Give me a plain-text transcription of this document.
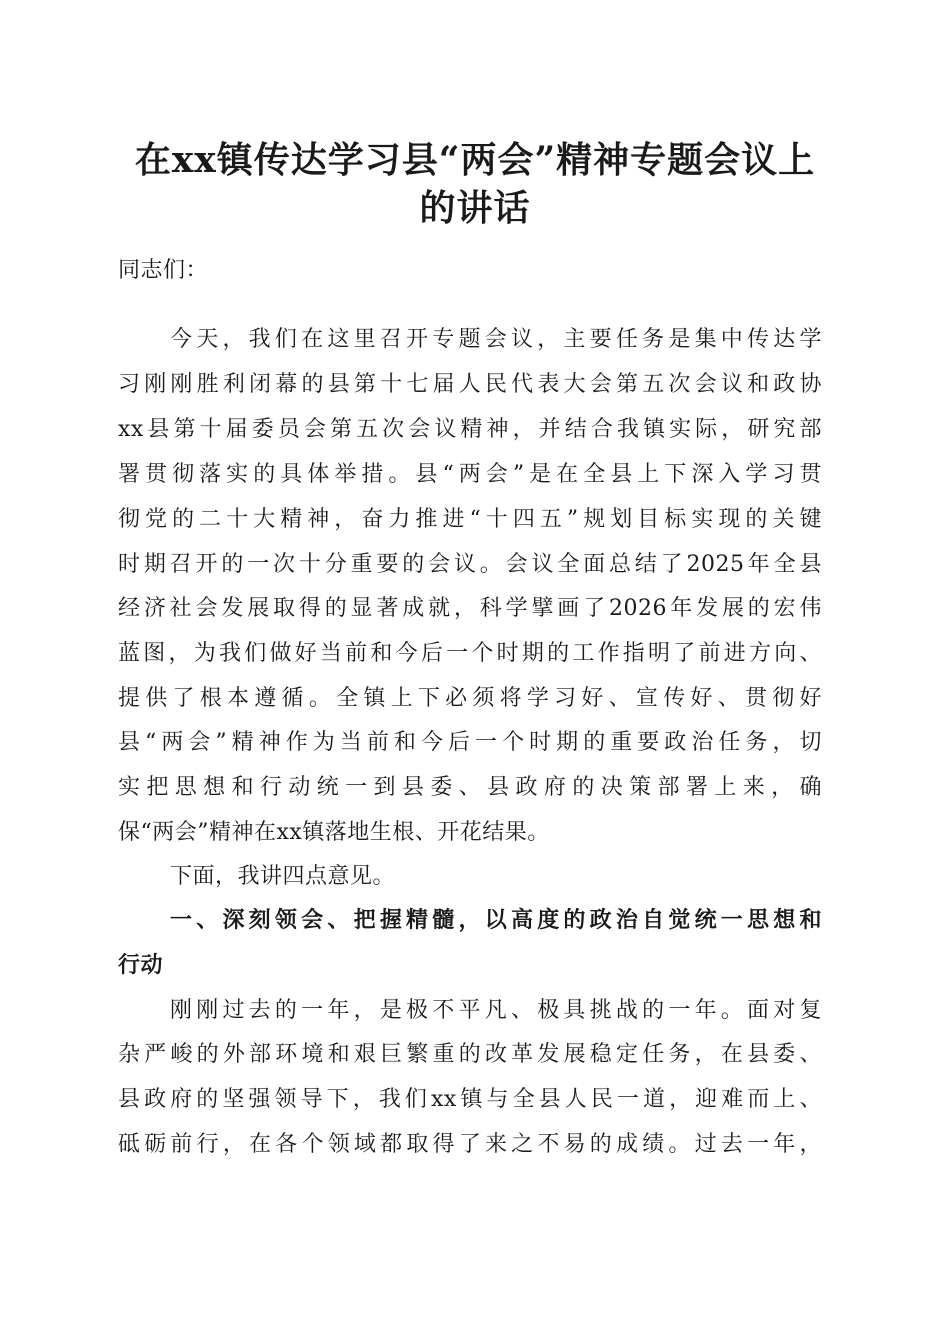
在xx镇传达学习县“两会”精神专题会议上
的讲话
同志们：
今天，我们在这里召开专题会议，主要任务是集中传达学
习刚刚胜利闭幕的县第十七届人民代表大会第五次会议和政协
xx县第十届委员会第五次会议精神，并结合我镇实际，研究部
署贯彻落实的具体举措。县“两会”是在全县上下深入学习贯
彻党的二十大精神，奋力推进“十四五”规划目标实现的关键
时期召开的一次十分重要的会议。会议全面总结了2025年全县
经济社会发展取得的显著成就，科学擘画了2026年发展的宏伟
蓝图，为我们做好当前和今后一个时期的工作指明了前进方向、
提供了根本遵循。全镇上下必须将学习好、宣传好、贯彻好
县“两会”精神作为当前和今后一个时期的重要政治任务，切
实把思想和行动统一到县委、县政府的决策部署上来，确
保“两会”精神在xx镇落地生根、开花结果。
下面，我讲四点意见。
一、深刻领会、把握精髓，以高度的政治自觉统一思想和
行动
刚刚过去的一年，是极不平凡、极具挑战的一年。面对复
杂严峻的外部环境和艰巨繁重的改革发展稳定任务，在县委、
县政府的坚强领导下，我们xx镇与全县人民一道，迎难而上、
砥砺前行，在各个领域都取得了来之不易的成绩。过去一年，
